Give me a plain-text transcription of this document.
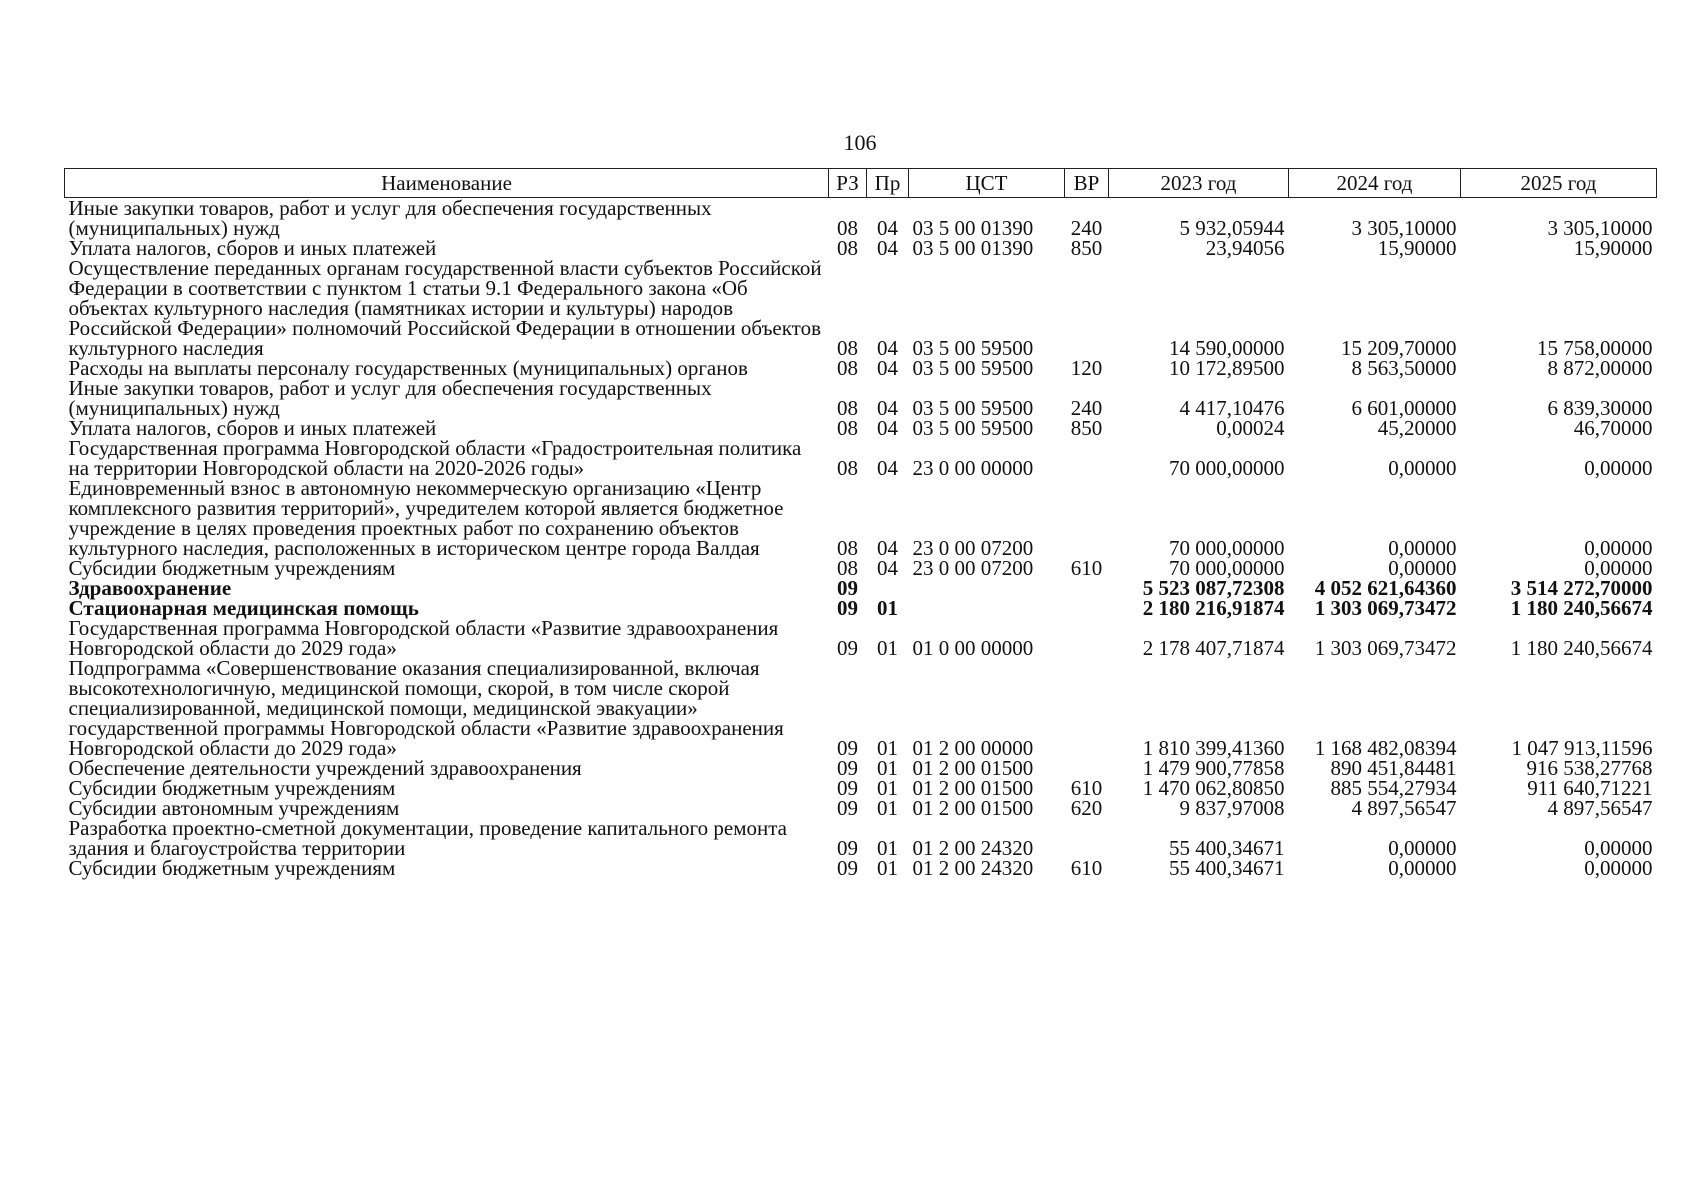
106
Наименование	РЗ	Пр	ЦСТ	ВР	2023 год	2024 год	2025 год
Иные закупки товаров, работ и услуг для обеспечения государственных (муниципальных) нужд	08	04	03 5 00 01390	240	5 932,05944	3 305,10000	3 305,10000
Уплата налогов, сборов и иных платежей	08	04	03 5 00 01390	850	23,94056	15,90000	15,90000
Осуществление переданных органам государственной власти субъектов Российской Федерации в соответствии с пунктом 1 статьи 9.1 Федерального закона «Об объектах культурного наследия (памятниках истории и культуры) народов Российской Федерации» полномочий Российской Федерации в отношении объектов культурного наследия	08	04	03 5 00 59500		14 590,00000	15 209,70000	15 758,00000
Расходы на выплаты персоналу государственных (муниципальных) органов	08	04	03 5 00 59500	120	10 172,89500	8 563,50000	8 872,00000
Иные закупки товаров, работ и услуг для обеспечения государственных (муниципальных) нужд	08	04	03 5 00 59500	240	4 417,10476	6 601,00000	6 839,30000
Уплата налогов, сборов и иных платежей	08	04	03 5 00 59500	850	0,00024	45,20000	46,70000
Государственная программа Новгородской области «Градостроительная политика на территории Новгородской области на 2020-2026 годы»	08	04	23 0 00 00000		70 000,00000	0,00000	0,00000
Единовременный взнос в автономную некоммерческую организацию «Центр комплексного развития территорий», учредителем которой является бюджетное учреждение в целях проведения проектных работ по сохранению объектов культурного наследия, расположенных в историческом центре города Валдая	08	04	23 0 00 07200		70 000,00000	0,00000	0,00000
Субсидии бюджетным учреждениям	08	04	23 0 00 07200	610	70 000,00000	0,00000	0,00000
Здравоохранение	09				5 523 087,72308	4 052 621,64360	3 514 272,70000
Стационарная медицинская помощь	09	01			2 180 216,91874	1 303 069,73472	1 180 240,56674
Государственная программа Новгородской области «Развитие здравоохранения Новгородской области до 2029 года»	09	01	01 0 00 00000		2 178 407,71874	1 303 069,73472	1 180 240,56674
Подпрограмма «Совершенствование оказания специализированной, включая высокотехнологичную, медицинской помощи, скорой, в том числе скорой специализированной, медицинской помощи, медицинской эвакуации» государственной программы Новгородской области «Развитие здравоохранения Новгородской области до 2029 года»	09	01	01 2 00 00000		1 810 399,41360	1 168 482,08394	1 047 913,11596
Обеспечение деятельности учреждений здравоохранения	09	01	01 2 00 01500		1 479 900,77858	890 451,84481	916 538,27768
Субсидии бюджетным учреждениям	09	01	01 2 00 01500	610	1 470 062,80850	885 554,27934	911 640,71221
Субсидии автономным учреждениям	09	01	01 2 00 01500	620	9 837,97008	4 897,56547	4 897,56547
Разработка проектно-сметной документации, проведение капитального ремонта здания и благоустройства территории	09	01	01 2 00 24320		55 400,34671	0,00000	0,00000
Субсидии бюджетным учреждениям	09	01	01 2 00 24320	610	55 400,34671	0,00000	0,00000
